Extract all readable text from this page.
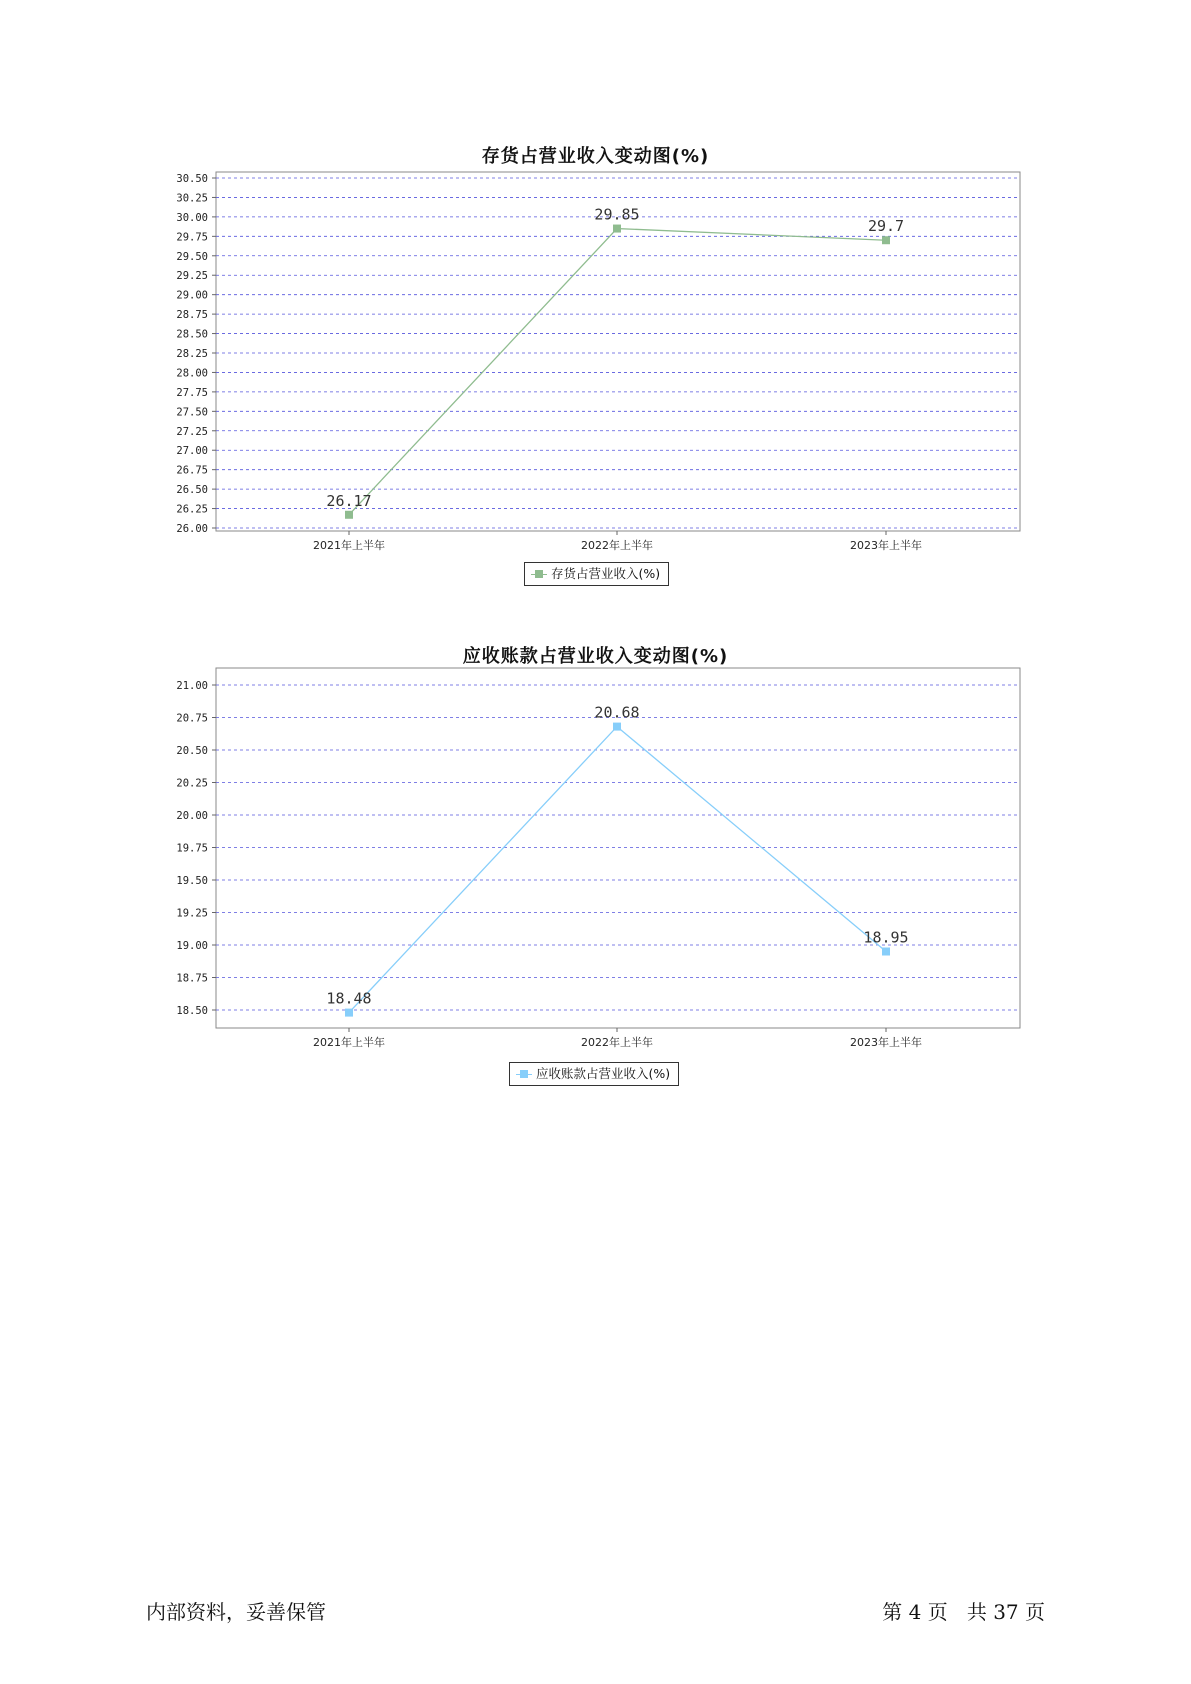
存货占营业收入变动图(%)
26.00
26.25
26.50
26.75
27.00
27.25
27.50
27.75
28.00
28.25
28.50
28.75
29.00
29.25
29.50
29.75
30.00
30.25
30.50
2021年上半年	2022年上半年	2023年上半年
26.17
29.85
29.7
存货占营业收入(%)
应收账款占营业收入变动图(%)
18.50
18.75
19.00
19.25
19.50
19.75
20.00
20.25
20.50
20.75
21.00
2021年上半年	2022年上半年	2023年上半年
18.48
20.68
18.95
应收账款占营业收入(%)
内部资料，妥善保管	第 4 页 共 37 页
